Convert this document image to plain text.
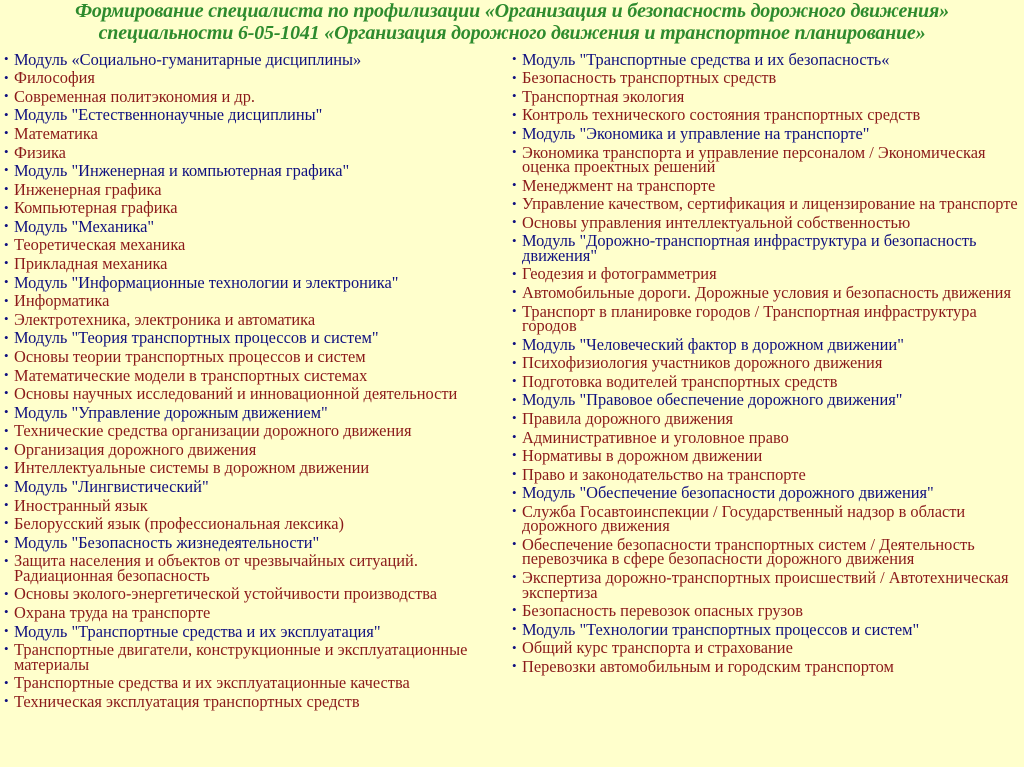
Формирование специалиста по профилизации «Организация и безопасность дорожного движения»
специальности 6-05-1041 «Организация дорожного движения и транспортное планирование»
• Модуль «Социально-гуманитарные дисциплины»
• Философия
• Современная политэкономия и др.
• Модуль "Естественнонаучные дисциплины"
• Математика
• Физика
• Модуль "Инженерная и компьютерная графика"
• Инженерная графика
• Компьютерная графика
• Модуль "Механика"
• Теоретическая механика
• Прикладная механика
• Модуль "Информационные технологии и электроника"
• Информатика
• Электротехника, электроника и автоматика
• Модуль "Теория транспортных процессов и систем"
• Основы теории транспортных процессов и систем
• Математические модели в транспортных системах
• Основы научных исследований и инновационной деятельности
• Модуль "Управление дорожным движением"
• Технические средства организации дорожного движения
• Организация дорожного движения
• Интеллектуальные системы в дорожном движении
• Модуль "Лингвистический"
• Иностранный язык
• Белорусский язык (профессиональная лексика)
• Модуль "Безопасность жизнедеятельности"
• Защита населения и объектов от чрезвычайных ситуаций. Радиационная безопасность
• Основы эколого-энергетической устойчивости производства
• Охрана труда на транспорте
• Модуль "Транспортные средства и их эксплуатация"
• Транспортные двигатели, конструкционные и эксплуатационные материалы
• Транспортные средства и их эксплуатационные качества
• Техническая эксплуатация транспортных средств
• Модуль "Транспортные средства и их безопасность«
• Безопасность транспортных средств
• Транспортная экология
• Контроль технического состояния транспортных средств
• Модуль "Экономика и управление на транспорте"
• Экономика транспорта и управление персоналом / Экономическая оценка проектных решений
• Менеджмент на транспорте
• Управление качеством, сертификация и лицензирование на транспорте
• Основы управления интеллектуальной собственностью
• Модуль "Дорожно-транспортная инфраструктура и безопасность движения"
• Геодезия и фотограмметрия
• Автомобильные дороги. Дорожные условия и безопасность движения
• Транспорт в планировке городов / Транспортная инфраструктура городов
• Модуль "Человеческий фактор в дорожном движении"
• Психофизиология участников дорожного движения
• Подготовка водителей транспортных средств
• Модуль "Правовое обеспечение дорожного движения"
• Правила дорожного движения
• Административное и уголовное право
• Нормативы в дорожном движении
• Право и законодательство на транспорте
• Модуль "Обеспечение безопасности дорожного движения"
• Служба Госавтоинспекции / Государственный надзор в области дорожного движения
• Обеспечение безопасности транспортных систем / Деятельность перевозчика в сфере безопасности дорожного движения
• Экспертиза дорожно-транспортных происшествий / Автотехническая экспертиза
• Безопасность перевозок опасных грузов
• Модуль "Технологии транспортных процессов и систем"
• Общий курс транспорта и страхование
• Перевозки автомобильным и городским транспортом
